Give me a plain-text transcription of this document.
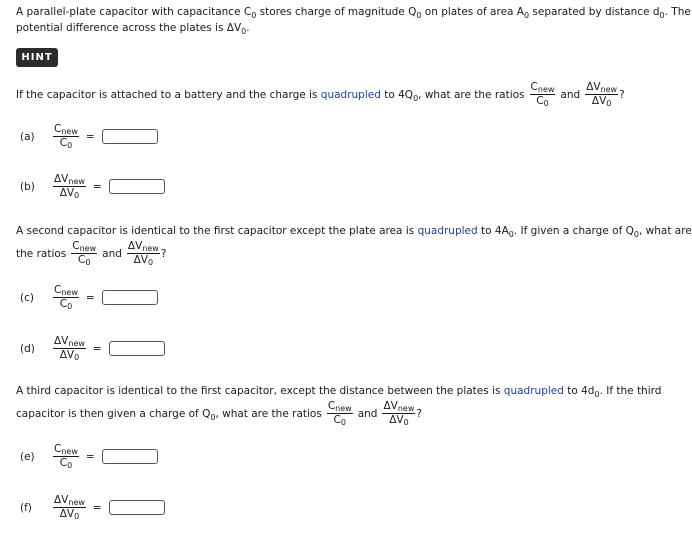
A parallel-plate capacitor with capacitance $C_0$ stores charge of magnitude $Q_0$ on plates of area $A_0$ separated by distance $d_0$. The
potential difference across the plates is $\Delta V_0$.
HINT
If the capacitor is attached to a battery and the charge is quadrupled to $4Q_0$, what are the ratios $\frac{\text{Cnew}}{C0}$ and $\frac{\text{ΔVnew}}{\Delta V0}$ ?
(a)	$\frac{\text{Cnew}}{C0}$ =
(b)	$\frac{\text{ΔVnew}}{\Delta V0}$ =
A second capacitor is identical to the first capacitor except the plate area is quadrupled to $4A_0$. If given a charge of $Q_0$, what are
the ratios $\frac{\text{Cnew}}{C0}$ and $\frac{\text{ΔVnew}}{\Delta V0}$ ?
(c)	$\frac{\text{Cnew}}{C0}$ =
(d)	$\frac{\text{ΔVnew}}{\Delta V0}$ =
A third capacitor is identical to the first capacitor, except the distance between the plates is quadrupled to $4d_0$. If the third
capacitor is then given a charge of $Q_0$, what are the ratios $\frac{\text{Cnew}}{C0}$ and $\frac{\text{ΔVnew}}{\Delta V0}$ ?
(e)	$\frac{\text{Cnew}}{C0}$ =
(f)	$\frac{\text{ΔVnew}}{\Delta V0}$ =
